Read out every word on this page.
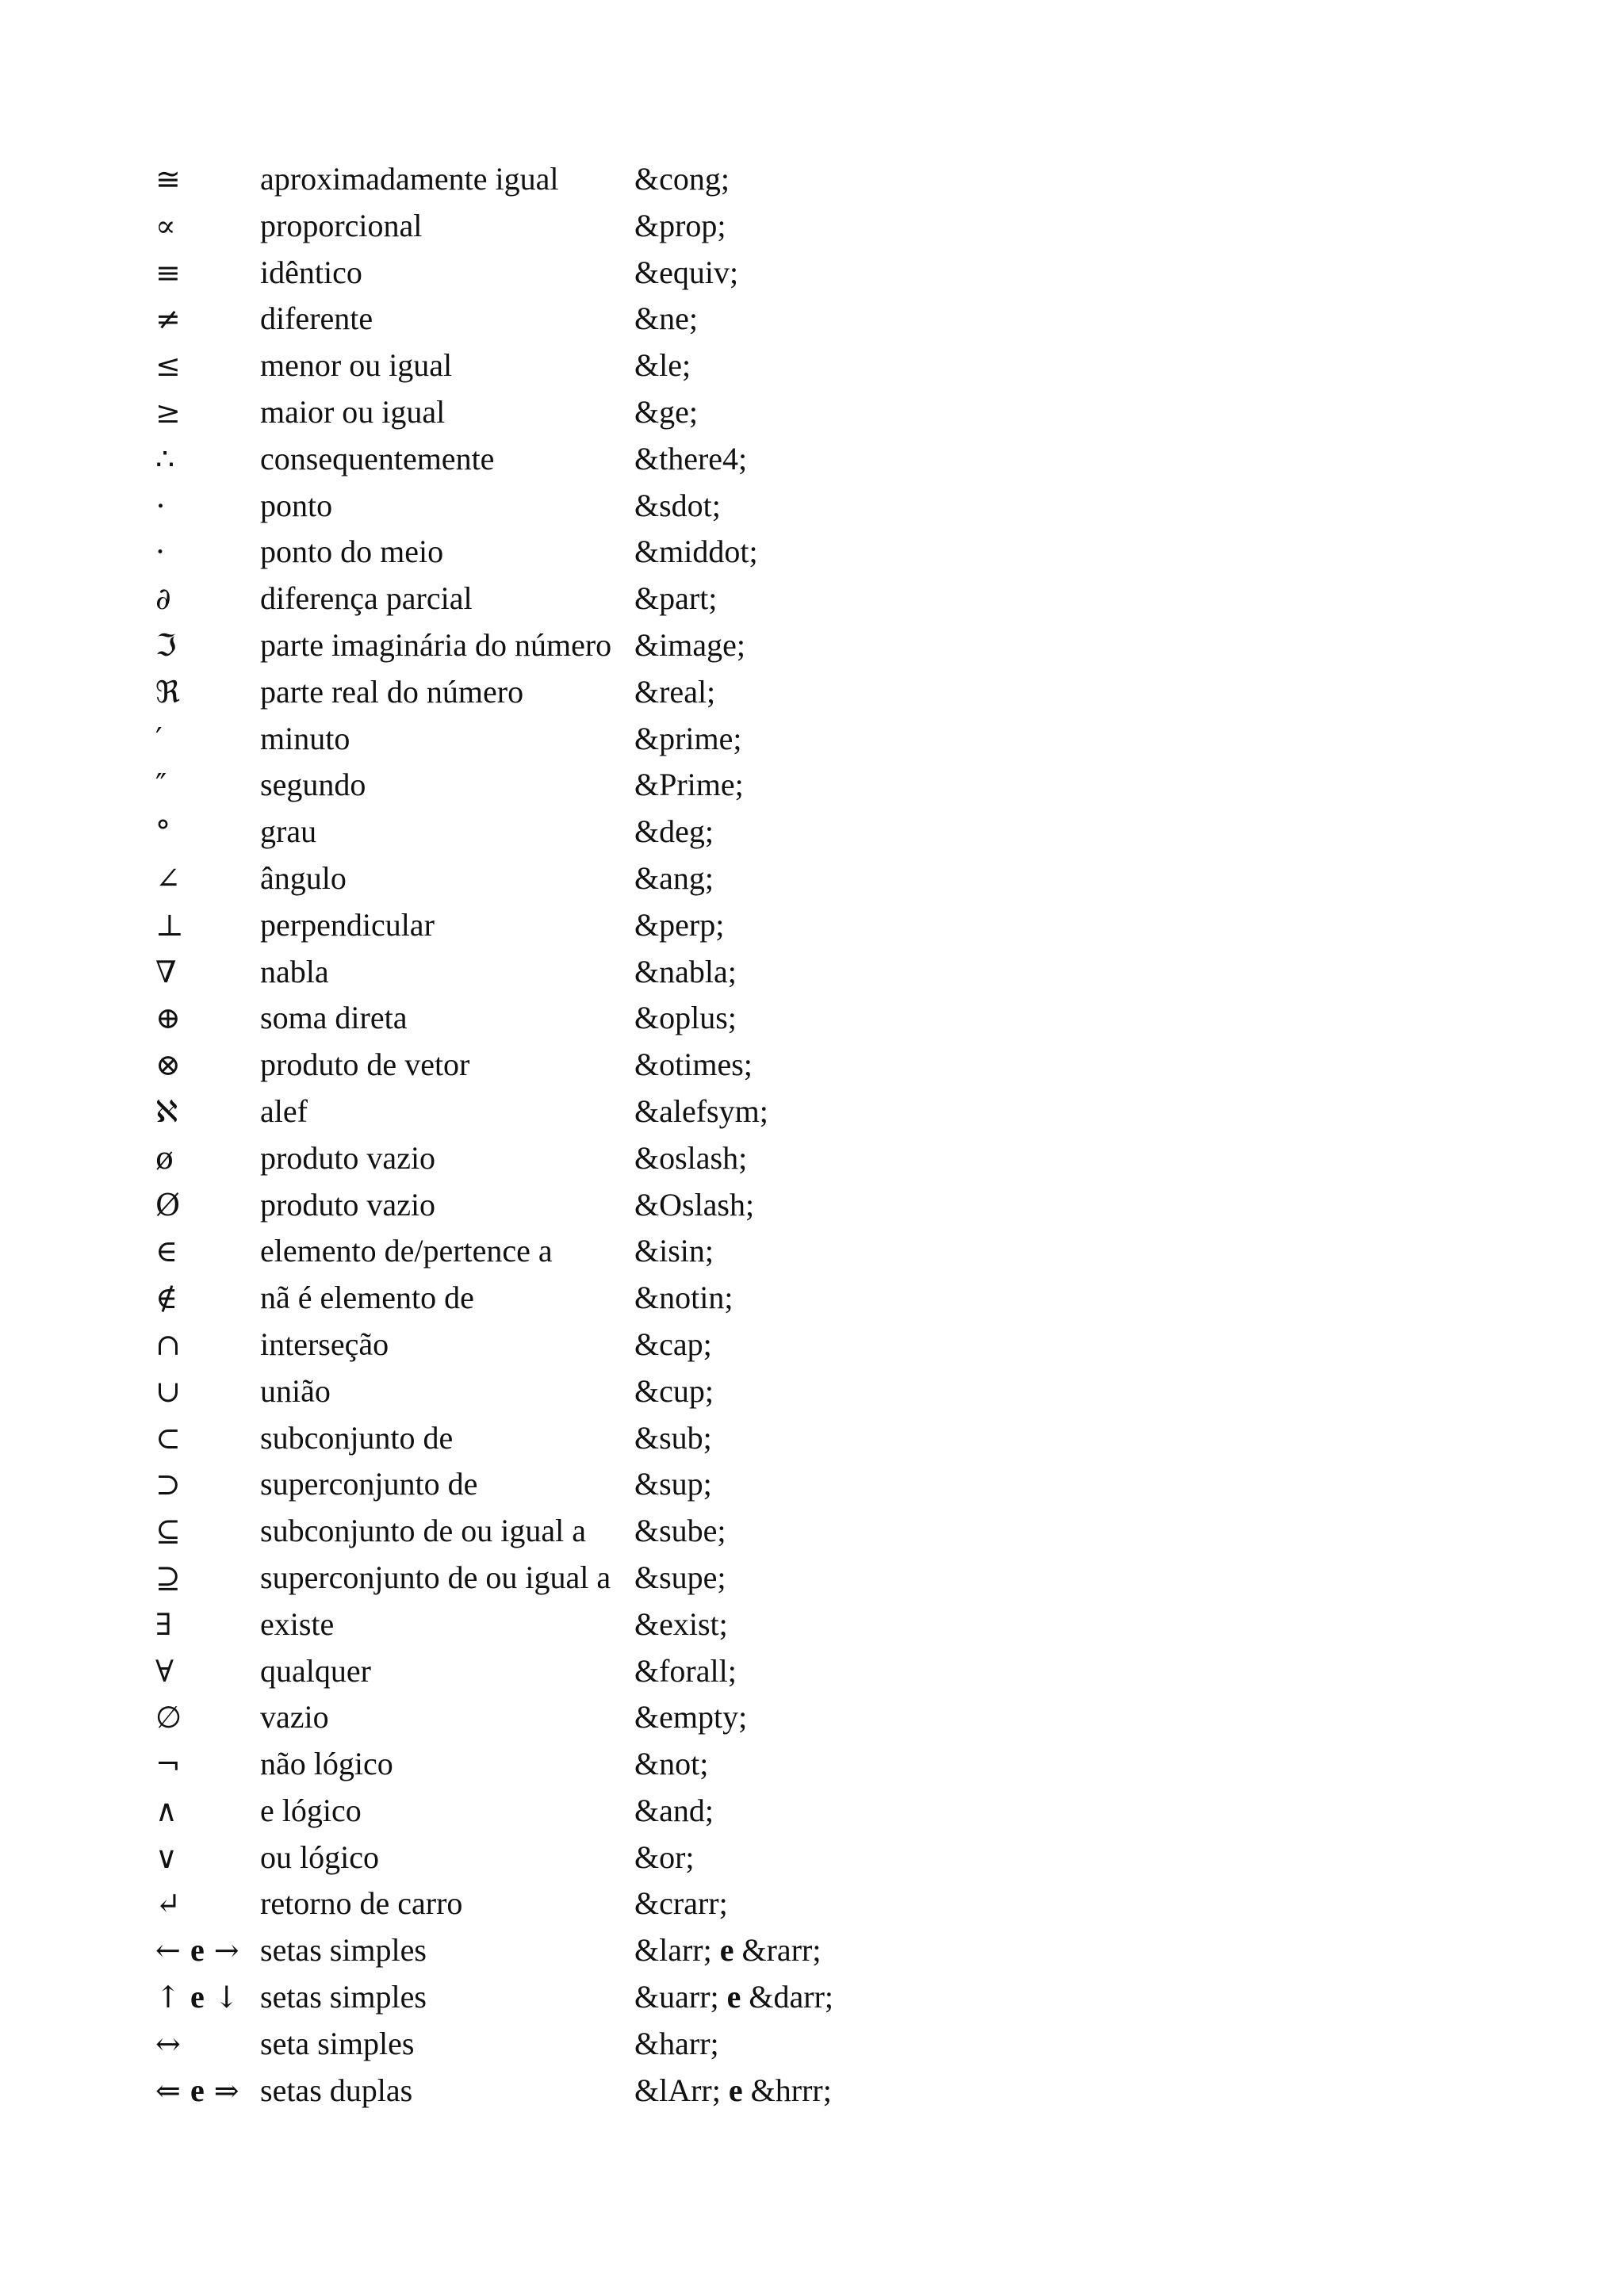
≅	aproximadamente igual	&cong;
∝	proporcional	&prop;
≡	idêntico	&equiv;
≠	diferente	&ne;
≤	menor ou igual	&le;
≥	maior ou igual	&ge;
∴	consequentemente	&there4;
⋅	ponto	&sdot;
·	ponto do meio	&middot;
∂	diferença parcial	&part;
ℑ	parte imaginária do número	&image;
ℜ	parte real do número	&real;
′	minuto	&prime;
″	segundo	&Prime;
°	grau	&deg;
∠	ângulo	&ang;
⊥	perpendicular	&perp;
∇	nabla	&nabla;
⊕	soma direta	&oplus;
⊗	produto de vetor	&otimes;
ℵ	alef	&alefsym;
ø	produto vazio	&oslash;
Ø	produto vazio	&Oslash;
∈	elemento de/pertence a	&isin;
∉	nã é elemento de	&notin;
∩	interseção	&cap;
∪	união	&cup;
⊂	subconjunto de	&sub;
⊃	superconjunto de	&sup;
⊆	subconjunto de ou igual a	&sube;
⊇	superconjunto de ou igual a	&supe;
∃	existe	&exist;
∀	qualquer	&forall;
∅	vazio	&empty;
¬	não lógico	&not;
∧	e lógico	&and;
∨	ou lógico	&or;
↵	retorno de carro	&crarr;
← e →	setas simples	&larr; e &rarr;
↑ e ↓	setas simples	&uarr; e &darr;
↔	seta simples	&harr;
⇐ e ⇒	setas duplas	&lArr; e &hrrr;
